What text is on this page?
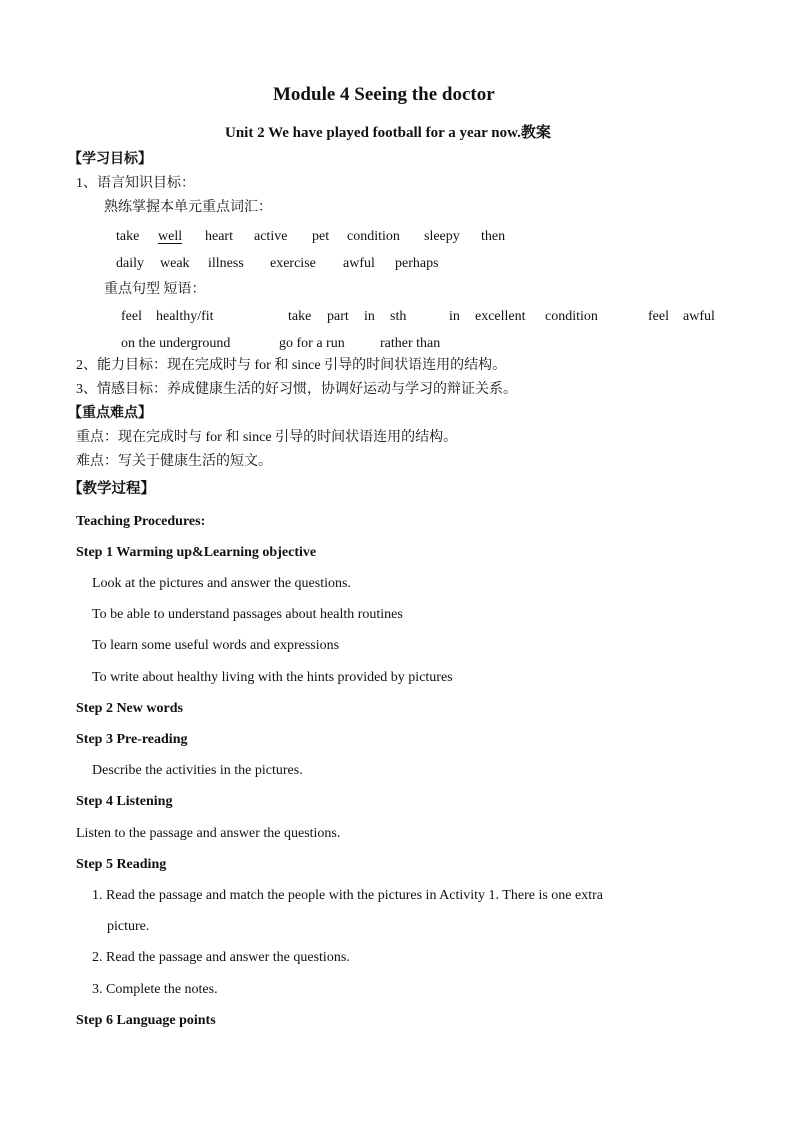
Module 4 Seeing the doctor
Unit 2 We have played football for a year now.教案
【学习目标】
1、语言知识目标：
熟练掌握本单元重点词汇：
take well heart active pet condition sleepy then
daily weak illness exercise awful perhaps
重点句型 短语：
feel healthy/fit	take part in sth	in excellent condition	feel awful
on the underground	go for a run	rather than
2、能力目标：现在完成时与 for 和 since 引导的时间状语连用的结构。
3、情感目标：养成健康生活的好习惯，协调好运动与学习的辩证关系。
【重点难点】
重点：现在完成时与 for 和 since 引导的时间状语连用的结构。
难点：写关于健康生活的短文。
【教学过程】
Teaching Procedures:
Step 1 Warming up&Learning objective
Look at the pictures and answer the questions.
To be able to understand passages about health routines
To learn some useful words and expressions
To write about healthy living with the hints provided by pictures
Step 2 New words
Step 3 Pre-reading
Describe the activities in the pictures.
Step 4 Listening
Listen to the passage and answer the questions.
Step 5 Reading
1. Read the passage and match the people with the pictures in Activity 1. There is one extra
picture.
2. Read the passage and answer the questions.
3. Complete the notes.
Step 6 Language points
